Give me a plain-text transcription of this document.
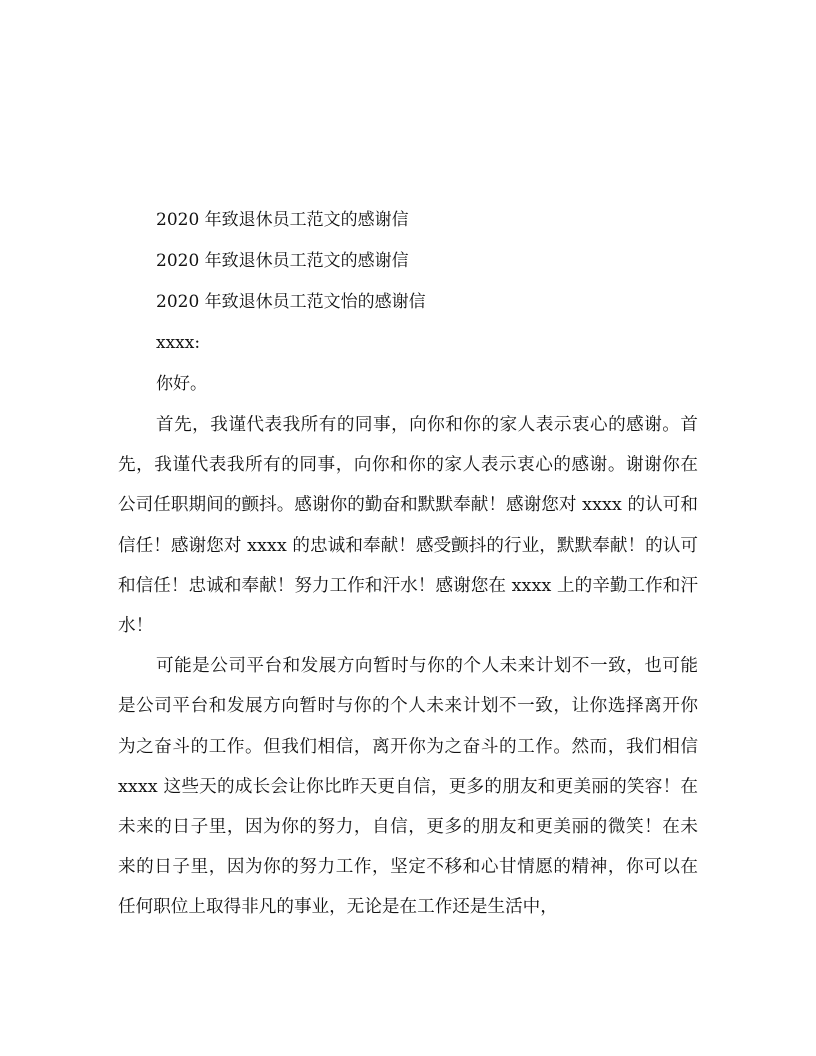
2020 年致退休员工范文的感谢信
2020 年致退休员工范文的感谢信
2020 年致退休员工范文怡的感谢信
xxxx:
你好。

首先，我谨代表我所有的同事，向你和你的家人表示衷心的感谢。首先，我谨代表我所有的同事，向你和你的家人表示衷心的感谢。谢谢你在公司任职期间的颤抖。感谢你的勤奋和默默奉献！感谢您对 xxxx 的认可和信任！感谢您对 xxxx 的忠诚和奉献！感受颤抖的行业，默默奉献！的认可和信任！忠诚和奉献！努力工作和汗水！感谢您在 xxxx 上的辛勤工作和汗水！

可能是公司平台和发展方向暂时与你的个人未来计划不一致，也可能是公司平台和发展方向暂时与你的个人未来计划不一致，让你选择离开你为之奋斗的工作。但我们相信，离开你为之奋斗的工作。然而，我们相信 xxxx 这些天的成长会让你比昨天更自信，更多的朋友和更美丽的笑容！在未来的日子里，因为你的努力，自信，更多的朋友和更美丽的微笑！在未来的日子里，因为你的努力工作，坚定不移和心甘情愿的精神，你可以在任何职位上取得非凡的事业，无论是在工作还是生活中，
